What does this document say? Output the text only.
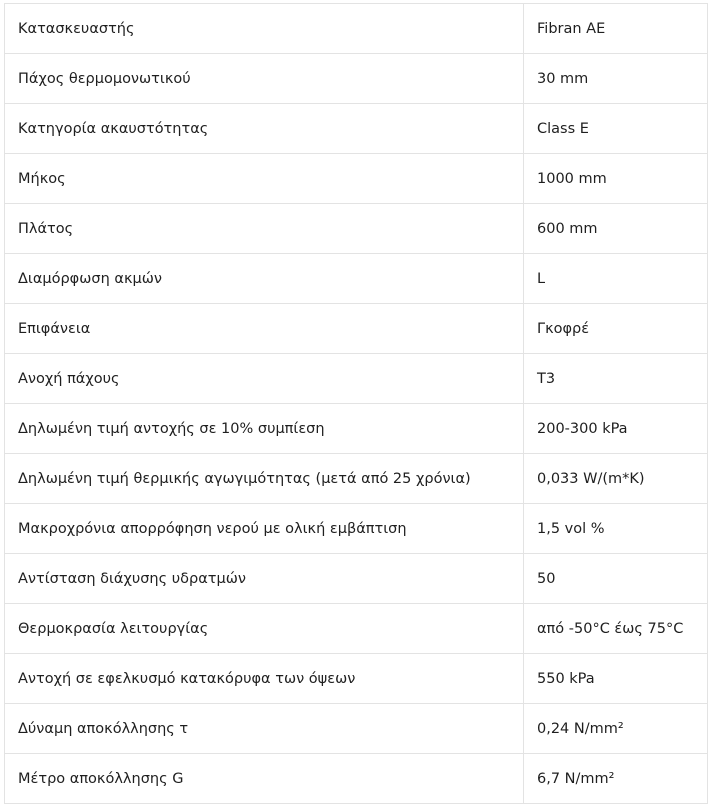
Κατασκευαστής	Fibran AE
Πάχος θερμομονωτικού	30 mm
Κατηγορία ακαυστότητας	Class E
Μήκος	1000 mm
Πλάτος	600 mm
Διαμόρφωση ακμών	L
Επιφάνεια	Γκοφρέ
Ανοχή πάχους	T3
Δηλωμένη τιμή αντοχής σε 10% συμπίεση	200-300 kPa
Δηλωμένη τιμή θερμικής αγωγιμότητας (μετά από 25 χρόνια)	0,033 W/(m*K)
Μακροχρόνια απορρόφηση νερού με ολική εμβάπτιση	1,5 vol %
Αντίσταση διάχυσης υδρατμών	50
Θερμοκρασία λειτουργίας	από -50°C έως 75°C
Αντοχή σε εφελκυσμό κατακόρυφα των όψεων	550 kPa
Δύναμη αποκόλλησης τ	0,24 N/mm²
Μέτρο αποκόλλησης G	6,7 N/mm²
